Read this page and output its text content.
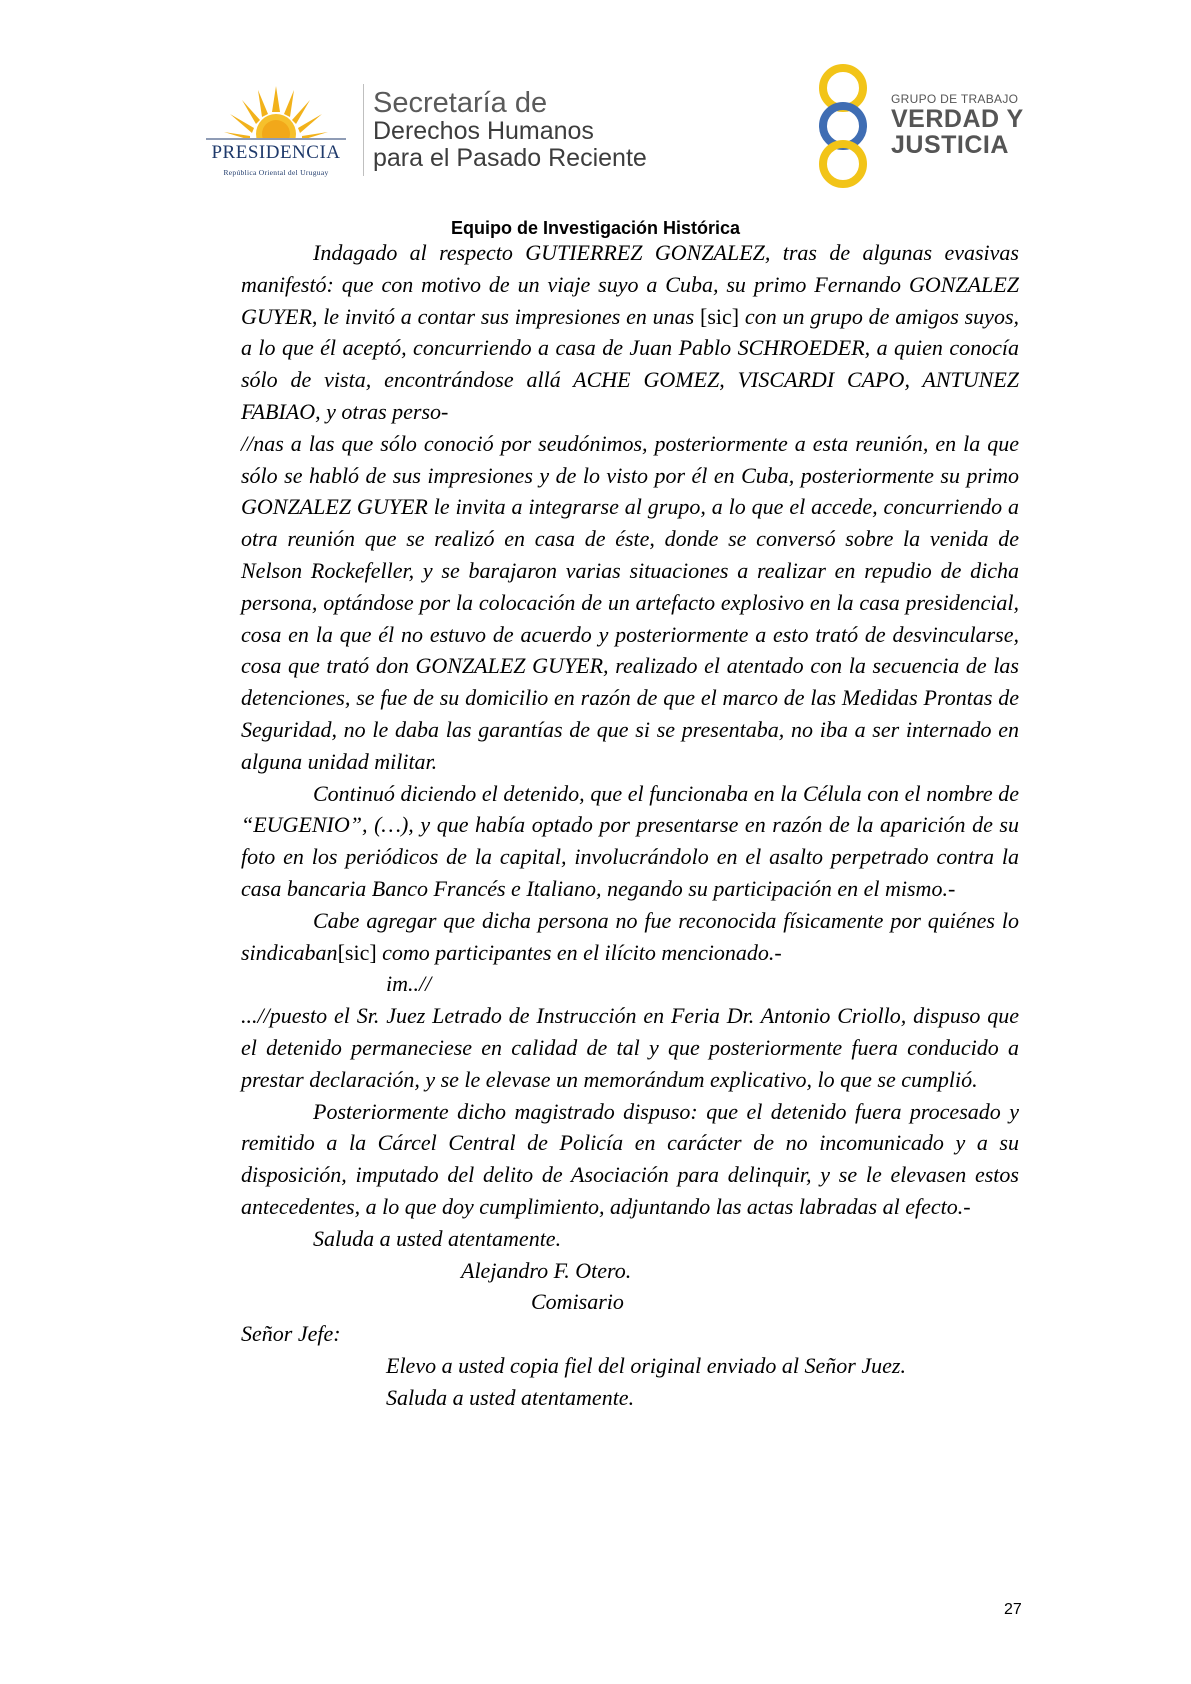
PRESIDENCIA
República Oriental del Uruguay
Secretaría de
Derechos Humanos
para el Pasado Reciente
GRUPO DE TRABAJO
VERDAD Y
JUSTICIA
Equipo de Investigación Histórica

Indagado al respecto GUTIERREZ GONZALEZ, tras de algunas evasivas manifestó: que con motivo de un viaje suyo a Cuba, su primo Fernando GONZALEZ GUYER, le invitó a contar sus impresiones en unas [sic] con un grupo de amigos suyos, a lo que él aceptó, concurriendo a casa de Juan Pablo SCHROEDER, a quien conocía sólo de vista, encontrándose allá ACHE GOMEZ, VISCARDI CAPO, ANTUNEZ FABIAO, y otras perso-

//nas a las que sólo conoció por seudónimos, posteriormente a esta reunión, en la que sólo se habló de sus impresiones y de lo visto por él en Cuba, posteriormente su primo GONZALEZ GUYER le invita a integrarse al grupo, a lo que el accede, concurriendo a otra reunión que se realizó en casa de éste, donde se conversó sobre la venida de Nelson Rockefeller, y se barajaron varias situaciones a realizar en repudio de dicha persona, optándose por la colocación de un artefacto explosivo en la casa presidencial, cosa en la que él no estuvo de acuerdo y posteriormente a esto trató de desvincularse, cosa que trató don GONZALEZ GUYER, realizado el atentado con la secuencia de las detenciones, se fue de su domicilio en razón de que el marco de las Medidas Prontas de Seguridad, no le daba las garantías de que si se presentaba, no iba a ser internado en alguna unidad militar.

Continuó diciendo el detenido, que el funcionaba en la Célula con el nombre de “EUGENIO”, (…), y que había optado por presentarse en razón de la aparición de su foto en los periódicos de la capital, involucrándolo en el asalto perpetrado contra la casa bancaria Banco Francés e Italiano, negando su participación en el mismo.-

Cabe agregar que dicha persona no fue reconocida físicamente por quiénes lo sindicaban[sic] como participantes en el ilícito mencionado.-

im..//

...//puesto el Sr. Juez Letrado de Instrucción en Feria Dr. Antonio Criollo, dispuso que el detenido permaneciese en calidad de tal y que posteriormente fuera conducido a prestar declaración, y se le elevase un memorándum explicativo, lo que se cumplió.

Posteriormente dicho magistrado dispuso: que el detenido fuera procesado y remitido a la Cárcel Central de Policía en carácter de no incomunicado y a su disposición, imputado del delito de Asociación para delinquir, y se le elevasen estos antecedentes, a lo que doy cumplimiento, adjuntando las actas labradas al efecto.-

Saluda a usted atentamente.

Alejandro F. Otero.

Comisario

Señor Jefe:

Elevo a usted copia fiel del original enviado al Señor Juez.

Saluda a usted atentamente.

27
